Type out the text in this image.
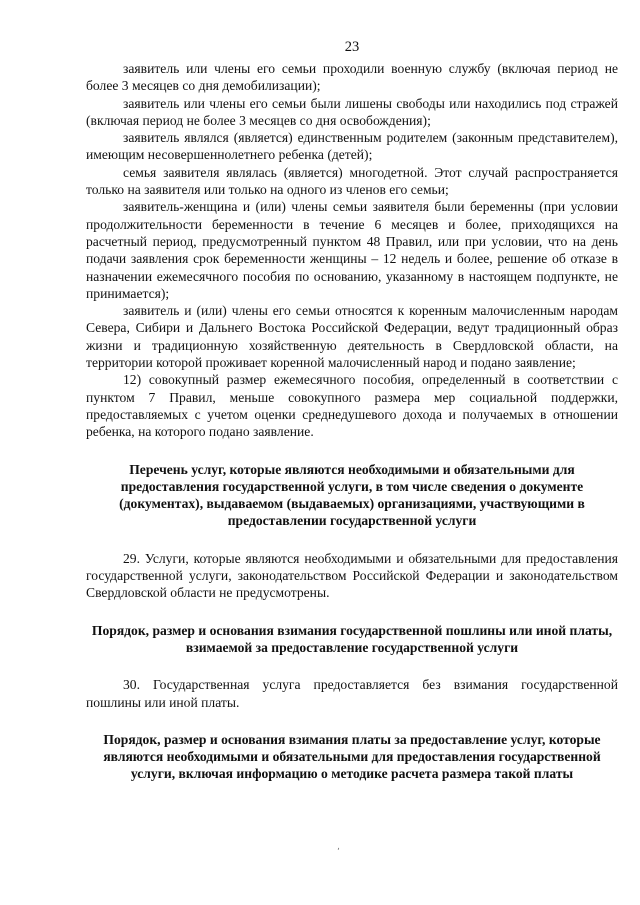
23

заявитель или члены его семьи проходили военную службу (включая период не более 3 месяцев со дня демобилизации);

заявитель или члены его семьи были лишены свободы или находились под стражей (включая период не более 3 месяцев со дня освобождения);

заявитель являлся (является) единственным родителем (законным представителем), имеющим несовершеннолетнего ребенка (детей);

семья заявителя являлась (является) многодетной. Этот случай распространяется только на заявителя или только на одного из членов его семьи;

заявитель-женщина и (или) члены семьи заявителя были беременны (при условии продолжительности беременности в течение 6 месяцев и более, приходящихся на расчетный период, предусмотренный пунктом 48 Правил, или при условии, что на день подачи заявления срок беременности женщины – 12 недель и более, решение об отказе в назначении ежемесячного пособия по основанию, указанному в настоящем подпункте, не принимается);

заявитель и (или) члены его семьи относятся к коренным малочисленным народам Севера, Сибири и Дальнего Востока Российской Федерации, ведут традиционный образ жизни и традиционную хозяйственную деятельность в Свердловской области, на территории которой проживает коренной малочисленный народ и подано заявление;

12) совокупный размер ежемесячного пособия, определенный в соответствии с пунктом 7 Правил, меньше совокупного размера мер социальной поддержки, предоставляемых с учетом оценки среднедушевого дохода и получаемых в отношении ребенка, на которого подано заявление.

Перечень услуг, которые являются необходимыми и обязательными для предоставления государственной услуги, в том числе сведения о документе (документах), выдаваемом (выдаваемых) организациями, участвующими в предоставлении государственной услуги

29. Услуги, которые являются необходимыми и обязательными для предоставления государственной услуги, законодательством Российской Федерации и законодательством Свердловской области не предусмотрены.

Порядок, размер и основания взимания государственной пошлины или иной платы, взимаемой за предоставление государственной услуги

30. Государственная услуга предоставляется без взимания государственной пошлины или иной платы.

Порядок, размер и основания взимания платы за предоставление услуг, которые являются необходимыми и обязательными для предоставления государственной услуги, включая информацию о методике расчета размера такой платы
‚
